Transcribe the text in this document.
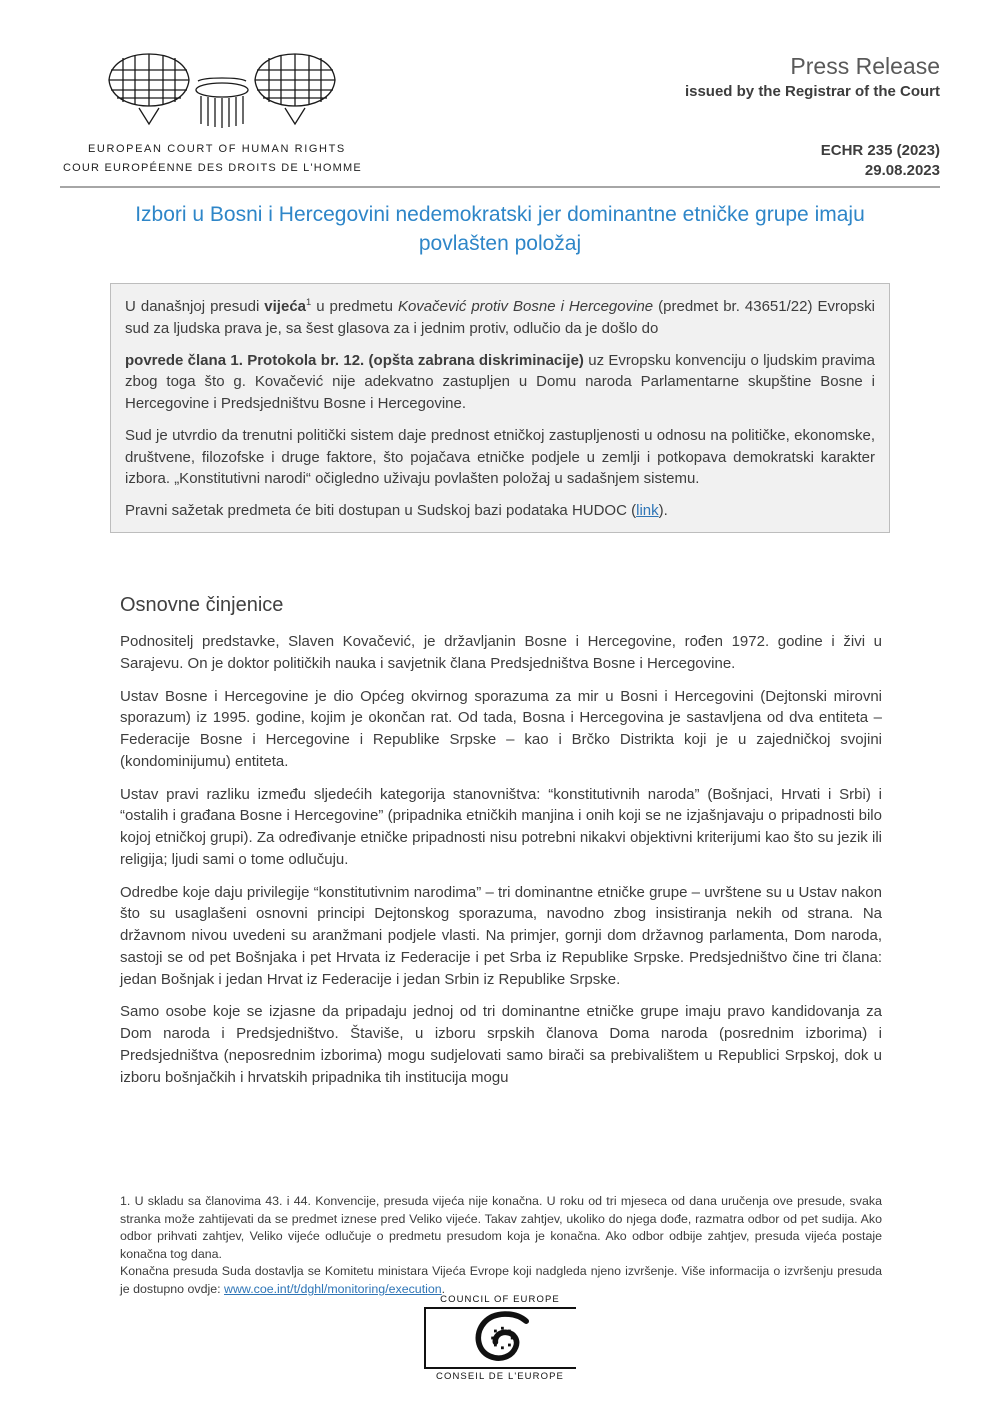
EUROPEAN COURT OF HUMAN RIGHTS
COUR EUROPÉENNE DES DROITS DE L'HOMME
Press Release
issued by the Registrar of the Court
ECHR 235 (2023)
29.08.2023
Izbori u Bosni i Hercegovini nedemokratski jer dominantne etničke grupe imaju povlašten položaj

U današnjoj presudi vijeća$^1$ u predmetu Kovačević protiv Bosne i Hercegovine (predmet br. 43651/22) Evropski sud za ljudska prava je, sa šest glasova za i jednim protiv, odlučio da je došlo do

povrede člana 1. Protokola br. 12. (opšta zabrana diskriminacije) uz Evropsku konvenciju o ljudskim pravima zbog toga što g. Kovačević nije adekvatno zastupljen u Domu naroda Parlamentarne skupštine Bosne i Hercegovine i Predsjedništvu Bosne i Hercegovine.

Sud je utvrdio da trenutni politički sistem daje prednost etničkoj zastupljenosti u odnosu na političke, ekonomske, društvene, filozofske i druge faktore, što pojačava etničke podjele u zemlji i potkopava demokratski karakter izbora. „Konstitutivni narodi“ očigledno uživaju povlašten položaj u sadašnjem sistemu.

Pravni sažetak predmeta će biti dostupan u Sudskoj bazi podataka HUDOC (link).

Osnovne činjenice

Podnositelj predstavke, Slaven Kovačević, je državljanin Bosne i Hercegovine, rođen 1972. godine i živi u Sarajevu. On je doktor političkih nauka i savjetnik člana Predsjedništva Bosne i Hercegovine.

Ustav Bosne i Hercegovine je dio Općeg okvirnog sporazuma za mir u Bosni i Hercegovini (Dejtonski mirovni sporazum) iz 1995. godine, kojim je okončan rat. Od tada, Bosna i Hercegovina je sastavljena od dva entiteta – Federacije Bosne i Hercegovine i Republike Srpske – kao i Brčko Distrikta koji je u zajedničkoj svojini (kondominijumu) entiteta.

Ustav pravi razliku između sljedećih kategorija stanovništva: “konstitutivnih naroda” (Bošnjaci, Hrvati i Srbi) i “ostalih i građana Bosne i Hercegovine” (pripadnika etničkih manjina i onih koji se ne izjašnjavaju o pripadnosti bilo kojoj etničkoj grupi). Za određivanje etničke pripadnosti nisu potrebni nikakvi objektivni kriterijumi kao što su jezik ili religija; ljudi sami o tome odlučuju.

Odredbe koje daju privilegije “konstitutivnim narodima” – tri dominantne etničke grupe – uvrštene su u Ustav nakon što su usaglašeni osnovni principi Dejtonskog sporazuma, navodno zbog insistiranja nekih od strana. Na državnom nivou uvedeni su aranžmani podjele vlasti. Na primjer, gornji dom državnog parlamenta, Dom naroda, sastoji se od pet Bošnjaka i pet Hrvata iz Federacije i pet Srba iz Republike Srpske. Predsjedništvo čine tri člana: jedan Bošnjak i jedan Hrvat iz Federacije i jedan Srbin iz Republike Srpske.

Samo osobe koje se izjasne da pripadaju jednoj od tri dominantne etničke grupe imaju pravo kandidovanja za Dom naroda i Predsjedništvo. Štaviše, u izboru srpskih članova Doma naroda (posrednim izborima) i Predsjedništva (neposrednim izborima) mogu sudjelovati samo birači sa prebivalištem u Republici Srpskoj, dok u izboru bošnjačkih i hrvatskih pripadnika tih institucija mogu

1. U skladu sa članovima 43. i 44. Konvencije, presuda vijeća nije konačna. U roku od tri mjeseca od dana uručenja ove presude, svaka stranka može zahtijevati da se predmet iznese pred Veliko vijeće. Takav zahtjev, ukoliko do njega dođe, razmatra odbor od pet sudija. Ako odbor prihvati zahtjev, Veliko vijeće odlučuje o predmetu presudom koja je konačna. Ako odbor odbije zahtjev, presuda vijeća postaje konačna tog dana.

Konačna presuda Suda dostavlja se Komitetu ministara Vijeća Evrope koji nadgleda njeno izvršenje. Više informacija o izvršenju presuda je dostupno ovdje: www.coe.int/t/dghl/monitoring/execution.

COUNCIL OF EUROPE
CONSEIL DE L'EUROPE
